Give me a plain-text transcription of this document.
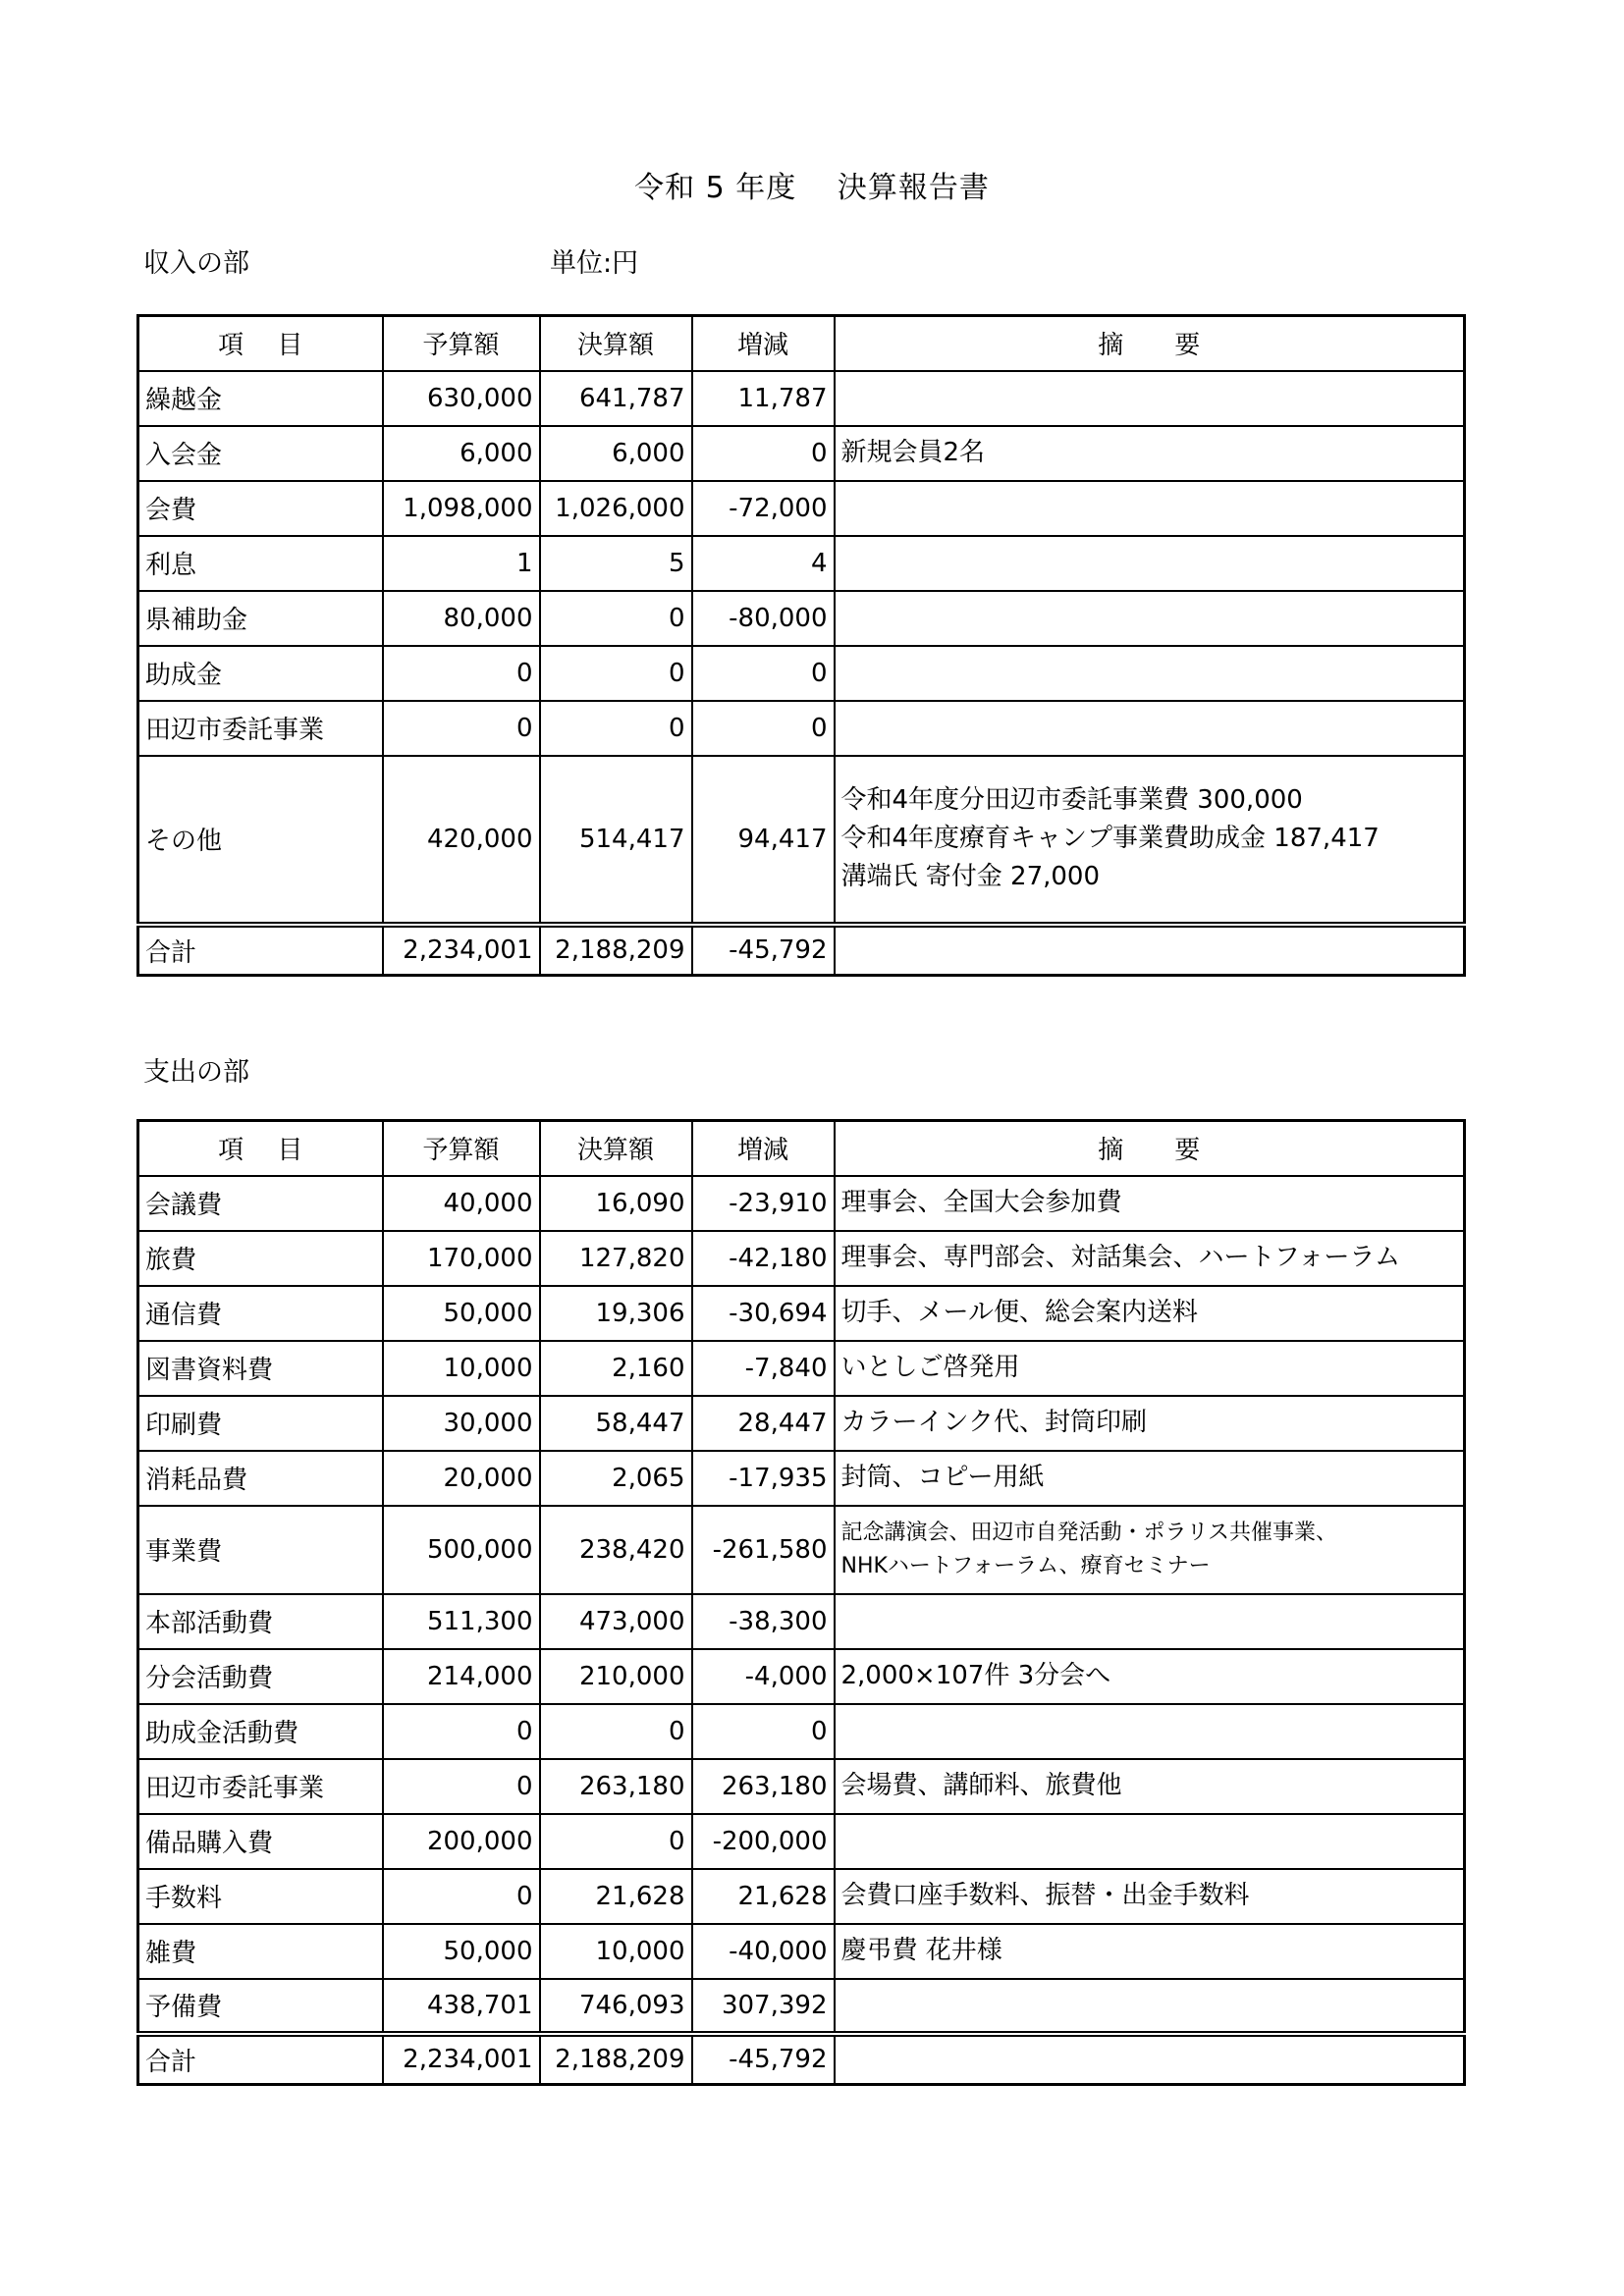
令和 5 年度　 決算報告書
収入の部	単位:円
項　 目	予算額	決算額	増減	摘　　要
繰越金	630,000	641,787	11,787	
入会金	6,000	6,000	0	新規会員2名

会費	1,098,000	1,026,000	-72,000	
利息	1	5	4	
県補助金	80,000	0	-80,000	
助成金	0	0	0	
田辺市委託事業	0	0	0	
その他	420,000	514,417	94,417	令和4年度分田辺市委託事業費 300,000
令和4年度療育キャンプ事業費助成金 187,417
溝端氏 寄付金 27,000

合計	2,234,001	2,188,209	-45,792	
支出の部
項　 目	予算額	決算額	増減	摘　　要
会議費	40,000	16,090	-23,910	理事会、全国大会参加費

旅費	170,000	127,820	-42,180	理事会、専門部会、対話集会、ハートフォーラム

通信費	50,000	19,306	-30,694	切手、メール便、総会案内送料

図書資料費	10,000	2,160	-7,840	いとしご啓発用

印刷費	30,000	58,447	28,447	カラーインク代、封筒印刷

消耗品費	20,000	2,065	-17,935	封筒、コピー用紙

事業費	500,000	238,420	-261,580	記念講演会、田辺市自発活動・ポラリス共催事業、
NHKハートフォーラム、療育セミナー

本部活動費	511,300	473,000	-38,300	
分会活動費	214,000	210,000	-4,000	2,000×107件 3分会へ

助成金活動費	0	0	0	
田辺市委託事業	0	263,180	263,180	会場費、講師料、旅費他

備品購入費	200,000	0	-200,000	
手数料	0	21,628	21,628	会費口座手数料、振替・出金手数料

雑費	50,000	10,000	-40,000	慶弔費 花井様

予備費	438,701	746,093	307,392	
合計	2,234,001	2,188,209	-45,792	
